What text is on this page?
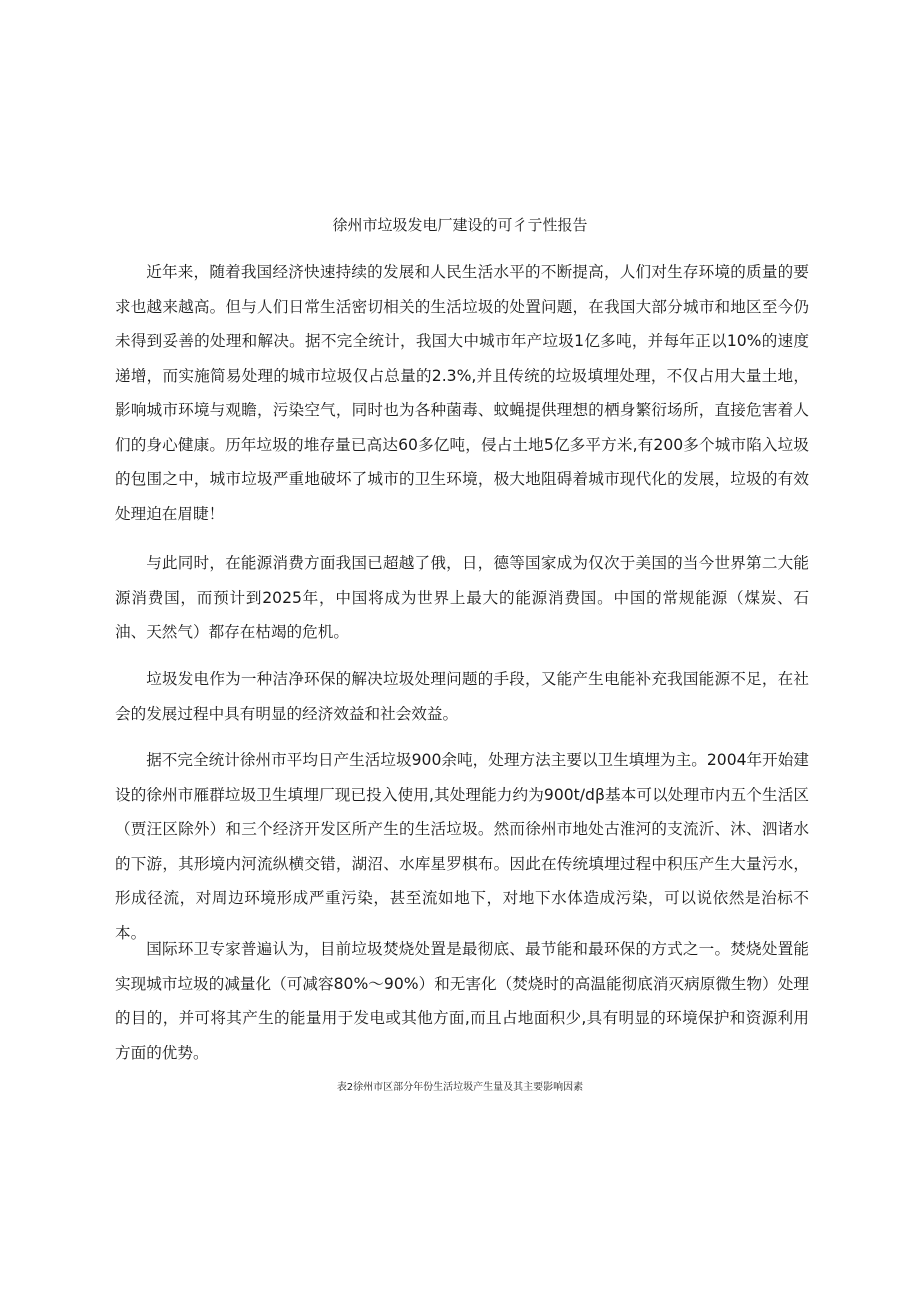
徐州市垃圾发电厂建设的可彳亍性报告

近年来，随着我国经济快速持续的发展和人民生活水平的不断提高，人们对生存环境的质量的要求也越来越高。但与人们日常生活密切相关的生活垃圾的处置问题，在我国大部分城市和地区至今仍未得到妥善的处理和解决。据不完全统计，我国大中城市年产垃圾1亿多吨，并每年正以10%的速度递增，而实施简易处理的城市垃圾仅占总量的2.3%,并且传统的垃圾填埋处理，不仅占用大量土地，影响城市环境与观瞻，污染空气，同时也为各种菌毒、蚊蝇提供理想的栖身繁衍场所，直接危害着人们的身心健康。历年垃圾的堆存量已高达60多亿吨，侵占土地5亿多平方米,有200多个城市陷入垃圾的包围之中，城市垃圾严重地破坏了城市的卫生环境，极大地阻碍着城市现代化的发展，垃圾的有效处理迫在眉睫！

与此同时，在能源消费方面我国已超越了俄，日，德等国家成为仅次于美国的当今世界第二大能源消费国，而预计到2025年，中国将成为世界上最大的能源消费国。中国的常规能源（煤炭、石油、天然气）都存在枯竭的危机。

垃圾发电作为一种洁净环保的解决垃圾处理问题的手段，又能产生电能补充我国能源不足，在社会的发展过程中具有明显的经济效益和社会效益。

据不完全统计徐州市平均日产生活垃圾900余吨，处理方法主要以卫生填埋为主。2004年开始建设的徐州市雁群垃圾卫生填埋厂现已投入使用,其处理能力约为900t∕dβ基本可以处理市内五个生活区（贾汪区除外）和三个经济开发区所产生的生活垃圾。然而徐州市地处古淮河的支流沂、沐、泗诸水的下游，其形境内河流纵横交错，湖沼、水库星罗棋布。因此在传统填埋过程中积压产生大量污水，形成径流，对周边环境形成严重污染，甚至流如地下，对地下水体造成污染，可以说依然是治标不本。

国际环卫专家普遍认为，目前垃圾焚烧处置是最彻底、最节能和最环保的方式之一。焚烧处置能实现城市垃圾的减量化（可减容80%〜90%）和无害化（焚烧时的高温能彻底消灭病原微生物）处理的目的，并可将其产生的能量用于发电或其他方面,而且占地面积少,具有明显的环境保护和资源利用方面的优势。

表2徐州市区部分年份生活垃圾产生量及其主要影响因素
